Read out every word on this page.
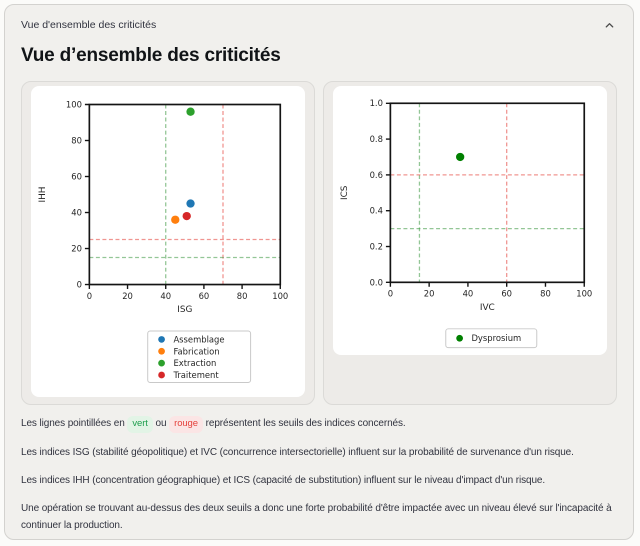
Vue d'ensemble des criticités
Vue d’ensemble des criticités
0	20	40	60	80	100
0
20
40
60
80
100
ISG
IHH
Assemblage
Fabrication
Extraction
Traitement
0	20	40	60	80	100
0.0
0.2
0.4
0.6
0.8
1.0
IVC
ICS
Dysprosium

Les lignes pointillées en vert ou rouge représentent les seuils des indices concernés.

Les indices ISG (stabilité géopolitique) et IVC (concurrence intersectorielle) influent sur la probabilité de survenance d'un risque.

Les indices IHH (concentration géographique) et ICS (capacité de substitution) influent sur le niveau d'impact d'un risque.

Une opération se trouvant au-dessus des deux seuils a donc une forte probabilité d'être impactée avec un niveau élevé sur l'incapacité à continuer la production.
